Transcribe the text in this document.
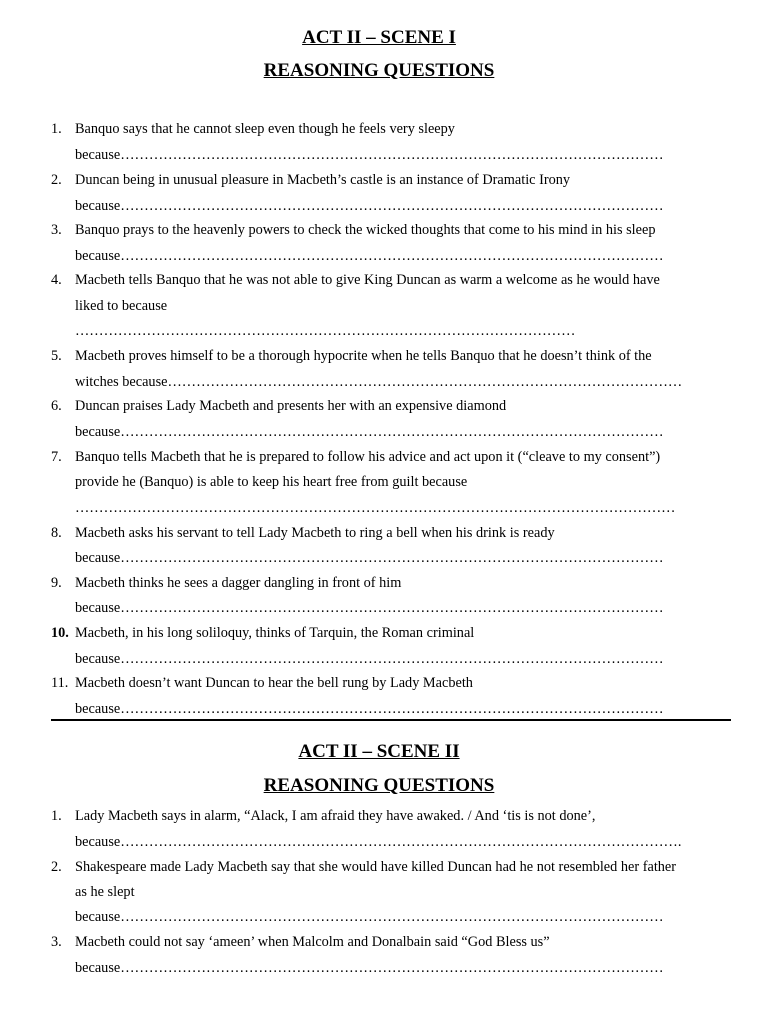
ACT II – SCENE I
REASONING QUESTIONS
1. Banquo says that he cannot sleep even though he feels very sleepy
because……………………………………………………………………………………………………
2. Duncan being in unusual pleasure in Macbeth’s castle is an instance of Dramatic Irony
because……………………………………………………………………………………………………
3. Banquo prays to the heavenly powers to check the wicked thoughts that come to his mind in his sleep
because……………………………………………………………………………………………………
4. Macbeth tells Banquo that he was not able to give King Duncan as warm a welcome as he would have
liked to because
……………………………………………………………………………………………
5. Macbeth proves himself to be a thorough hypocrite when he tells Banquo that he doesn’t think of the
witches because………………………………………………………………………………………………
6. Duncan praises Lady Macbeth and presents her with an expensive diamond
because……………………………………………………………………………………………………
7. Banquo tells Macbeth that he is prepared to follow his advice and act upon it (“cleave to my consent”)
provide he (Banquo) is able to keep his heart free from guilt because
………………………………………………………………………………………………………………
8. Macbeth asks his servant to tell Lady Macbeth to ring a bell when his drink is ready
because……………………………………………………………………………………………………
9. Macbeth thinks he sees a dagger dangling in front of him
because……………………………………………………………………………………………………
10. Macbeth, in his long soliloquy, thinks of Tarquin, the Roman criminal
because……………………………………………………………………………………………………
11. Macbeth doesn’t want Duncan to hear the bell rung by Lady Macbeth
because……………………………………………………………………………………………………
ACT II – SCENE II
REASONING QUESTIONS
1. Lady Macbeth says in alarm, “Alack, I am afraid they have awaked. / And ‘tis is not done’,
because……………………………………………………………………………………………………….
2. Shakespeare made Lady Macbeth say that she would have killed Duncan had he not resembled her father
as he slept
because……………………………………………………………………………………………………
3. Macbeth could not say ‘ameen’ when Malcolm and Donalbain said “God Bless us”
because……………………………………………………………………………………………………
